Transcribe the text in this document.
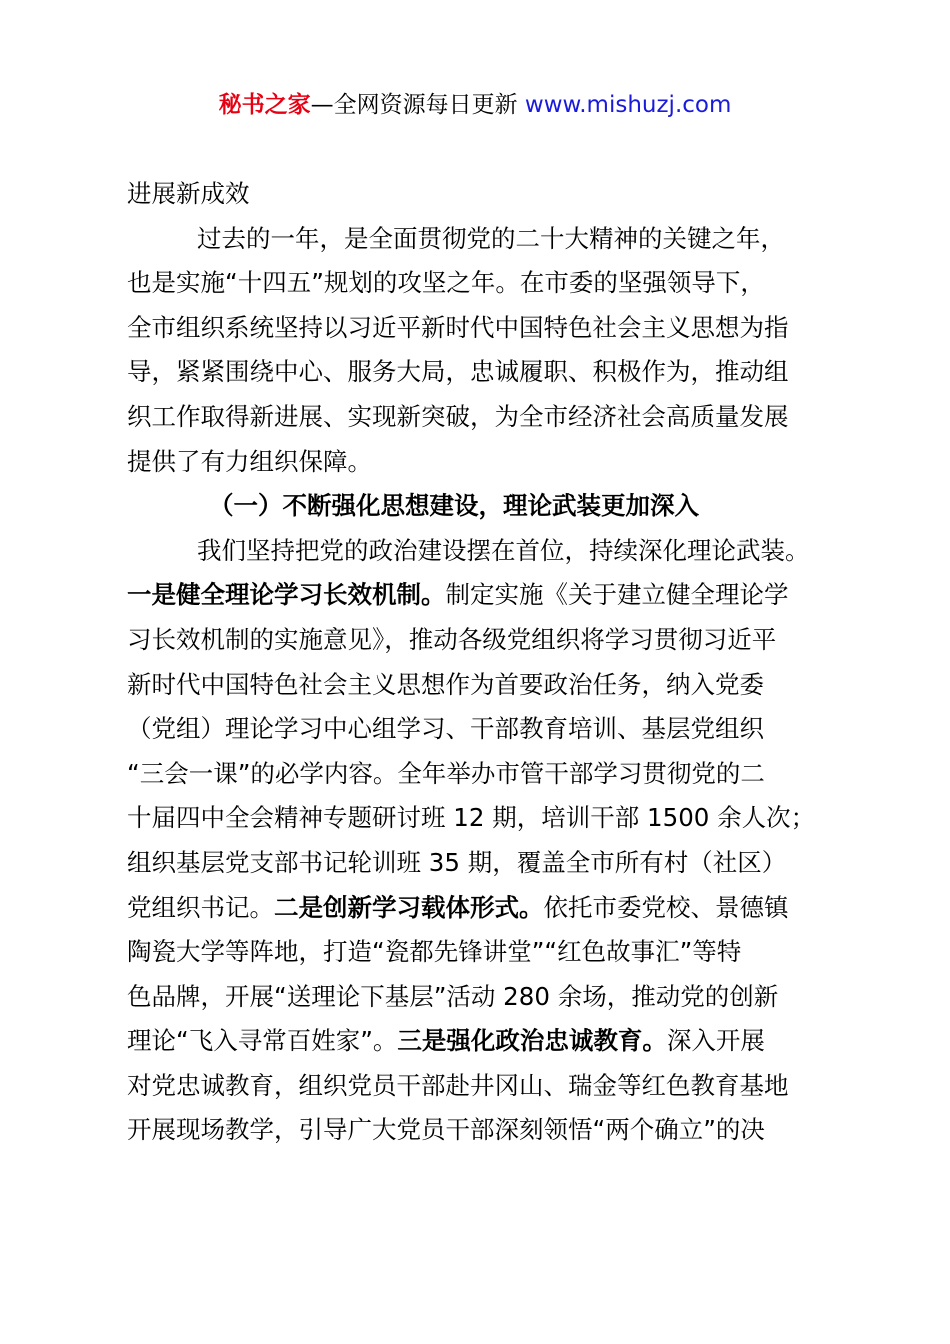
秘书之家—全网资源每日更新 www.mishuzj.com
进展新成效
过去的一年，是全面贯彻党的二十大精神的关键之年，
也是实施“十四五”规划的攻坚之年。在市委的坚强领导下，
全市组织系统坚持以习近平新时代中国特色社会主义思想为指
导，紧紧围绕中心、服务大局，忠诚履职、积极作为，推动组
织工作取得新进展、实现新突破，为全市经济社会高质量发展
提供了有力组织保障。
（一）不断强化思想建设，理论武装更加深入
我们坚持把党的政治建设摆在首位，持续深化理论武装。
一是健全理论学习长效机制。制定实施《关于建立健全理论学
习长效机制的实施意见》，推动各级党组织将学习贯彻习近平
新时代中国特色社会主义思想作为首要政治任务，纳入党委
（党组）理论学习中心组学习、干部教育培训、基层党组织
“三会一课”的必学内容。全年举办市管干部学习贯彻党的二
十届四中全会精神专题研讨班 12 期，培训干部 1500 余人次；
组织基层党支部书记轮训班 35 期，覆盖全市所有村（社区）
党组织书记。二是创新学习载体形式。依托市委党校、景德镇
陶瓷大学等阵地，打造“瓷都先锋讲堂”“红色故事汇”等特
色品牌，开展“送理论下基层”活动 280 余场，推动党的创新
理论“飞入寻常百姓家”。三是强化政治忠诚教育。深入开展
对党忠诚教育，组织党员干部赴井冈山、瑞金等红色教育基地
开展现场教学，引导广大党员干部深刻领悟“两个确立”的决
